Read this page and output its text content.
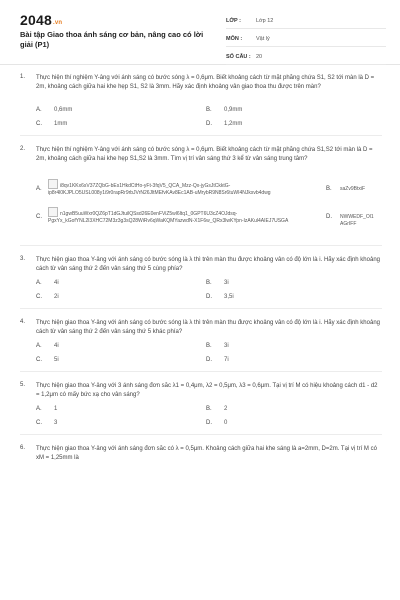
2048.vn
Bài tập Giao thoa ánh sáng cơ bản, nâng cao có lời giải (P1)
LỚP :	Lớp 12
MÔN :	Vật lý
SỐ CÂU : 20
1. Thực hiện thí nghiệm Y-âng với ánh sáng có bước sóng λ = 0,6μm. Biết khoảng cách từ mặt phẳng chứa S1, S2 tới màn là D = 2m, khoảng cách giữa hai khe hẹp S1, S2 là 3mm. Hãy xác định khoảng vân giao thoa thu được trên màn?
A.	0,6mm	B.	0,9mm
C.	1mm	D.	1,2mm
2. Thực hiện thí nghiệm Y-âng với ánh sáng có bước sóng λ = 0,6μm. Biết khoảng cách từ mặt phẳng chứa S1,S2 tới màn là D = 2m, khoảng cách giữa hai khe hẹp S1,S2 là 3mm. Tìm vị trí vân sáng thứ 3 kể từ vân sáng trung tâm?
A.	i8qv1KKx6sV37ZQbG-bEs1HkdCtHo-yFt-3fqV5_QCA_Mzz-Qx-jyGsJtCkktG-ip8r4l0KJPLO5USL008y1i9r0rapRr9rbJVrN26JltMEfvKAv8Ec1AB-uMrybR9N8Sr6tuWI4NJksvb4dwg
B.	saZv9BtxiF
C.	n1gwB5uuWxr0QZ6pT1dGJtuilQSsd26E0enFViZ5wl6ltq1_0GPT6U3cZ4OJdsq-PgxYx_kGofYNL2l3XHC72M3z3g3sQ28WiRv6qWaKQMYazwdN-X1F6w_QRx3lwKYpn-IzAKul4AIEJ7USGA
D.	NWWEDF_Ol1AGrIFF
3. Thực hiện giao thoa Y-âng với ánh sáng có bước sóng là λ thì trên màn thu được khoảng vân có độ lớn là i. Hãy xác định khoảng cách từ vân sáng thứ 2 đến vân sáng thứ 5 cùng phía?
A.	4i	B.	3i
C.	2i	D.	3,5i
4. Thực hiện giao thoa Y-âng với ánh sáng có bước sóng là λ thì trên màn thu được khoảng vân có độ lớn là i. Hãy xác định khoảng cách từ vân sáng thứ 2 đến vân sáng thứ 5 khác phía?
A.	4i	B.	3i
C.	5i	D.	7i
5. Thực hiện giao thoa Y-âng với 3 ánh sáng đơn sắc λ1 = 0,4μm, λ2 = 0,5μm, λ3 = 0,6μm. Tại vị trí M có hiệu khoảng cách d1 - d2 = 1,2μm có mấy bức xạ cho vân sáng?
A.	1	B.	2
C.	3	D.	0
6. Thực hiện giao thoa Y-âng với ánh sáng đơn sắc có λ = 0,5μm. Khoảng cách giữa hai khe sáng là a=2mm, D=2m. Tại vị trí M có xM = 1,25mm là
